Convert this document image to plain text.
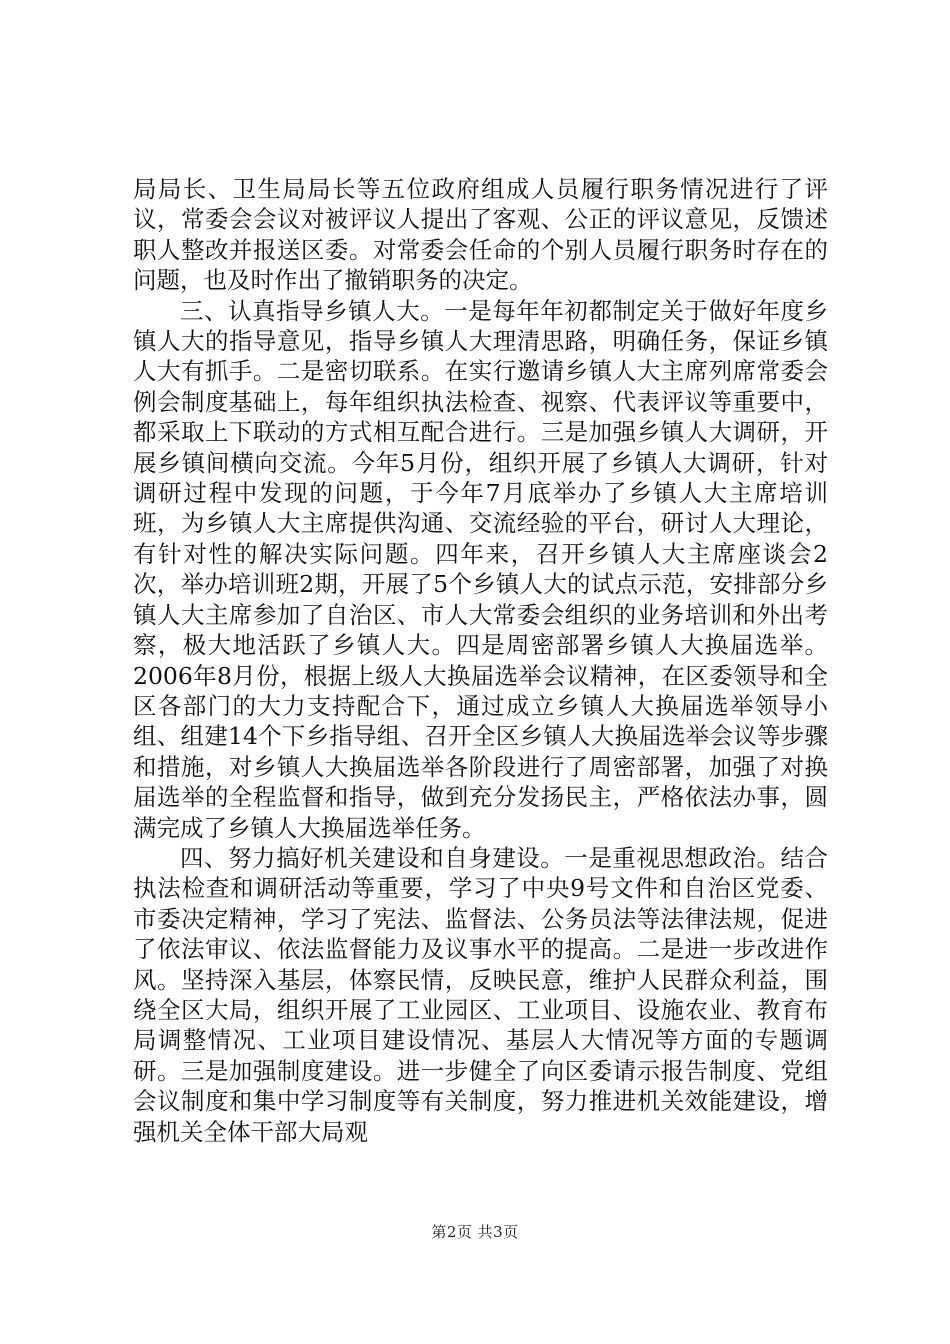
局局长、卫生局局长等五位政府组成人员履行职务情况进行了评议，常委会会议对被评议人提出了客观、公正的评议意见，反馈述职人整改并报送区委。对常委会任命的个别人员履行职务时存在的问题，也及时作出了撤销职务的决定。

三、认真指导乡镇人大。一是每年年初都制定关于做好年度乡镇人大的指导意见，指导乡镇人大理清思路，明确任务，保证乡镇人大有抓手。二是密切联系。在实行邀请乡镇人大主席列席常委会例会制度基础上，每年组织执法检查、视察、代表评议等重要中，都采取上下联动的方式相互配合进行。三是加强乡镇人大调研，开展乡镇间横向交流。今年5月份，组织开展了乡镇人大调研，针对调研过程中发现的问题，于今年7月底举办了乡镇人大主席培训班，为乡镇人大主席提供沟通、交流经验的平台，研讨人大理论，有针对性的解决实际问题。四年来，召开乡镇人大主席座谈会2次，举办培训班2期，开展了5个乡镇人大的试点示范，安排部分乡镇人大主席参加了自治区、市人大常委会组织的业务培训和外出考察，极大地活跃了乡镇人大。四是周密部署乡镇人大换届选举。2006年8月份，根据上级人大换届选举会议精神，在区委领导和全区各部门的大力支持配合下，通过成立乡镇人大换届选举领导小组、组建14个下乡指导组、召开全区乡镇人大换届选举会议等步骤和措施，对乡镇人大换届选举各阶段进行了周密部署，加强了对换届选举的全程监督和指导，做到充分发扬民主，严格依法办事，圆满完成了乡镇人大换届选举任务。

四、努力搞好机关建设和自身建设。一是重视思想政治。结合执法检查和调研活动等重要，学习了中央9号文件和自治区党委、市委决定精神，学习了宪法、监督法、公务员法等法律法规，促进了依法审议、依法监督能力及议事水平的提高。二是进一步改进作风。坚持深入基层，体察民情，反映民意，维护人民群众利益，围绕全区大局，组织开展了工业园区、工业项目、设施农业、教育布局调整情况、工业项目建设情况、基层人大情况等方面的专题调研。三是加强制度建设。进一步健全了向区委请示报告制度、党组会议制度和集中学习制度等有关制度，努力推进机关效能建设，增强机关全体干部大局观

第2页 共3页
